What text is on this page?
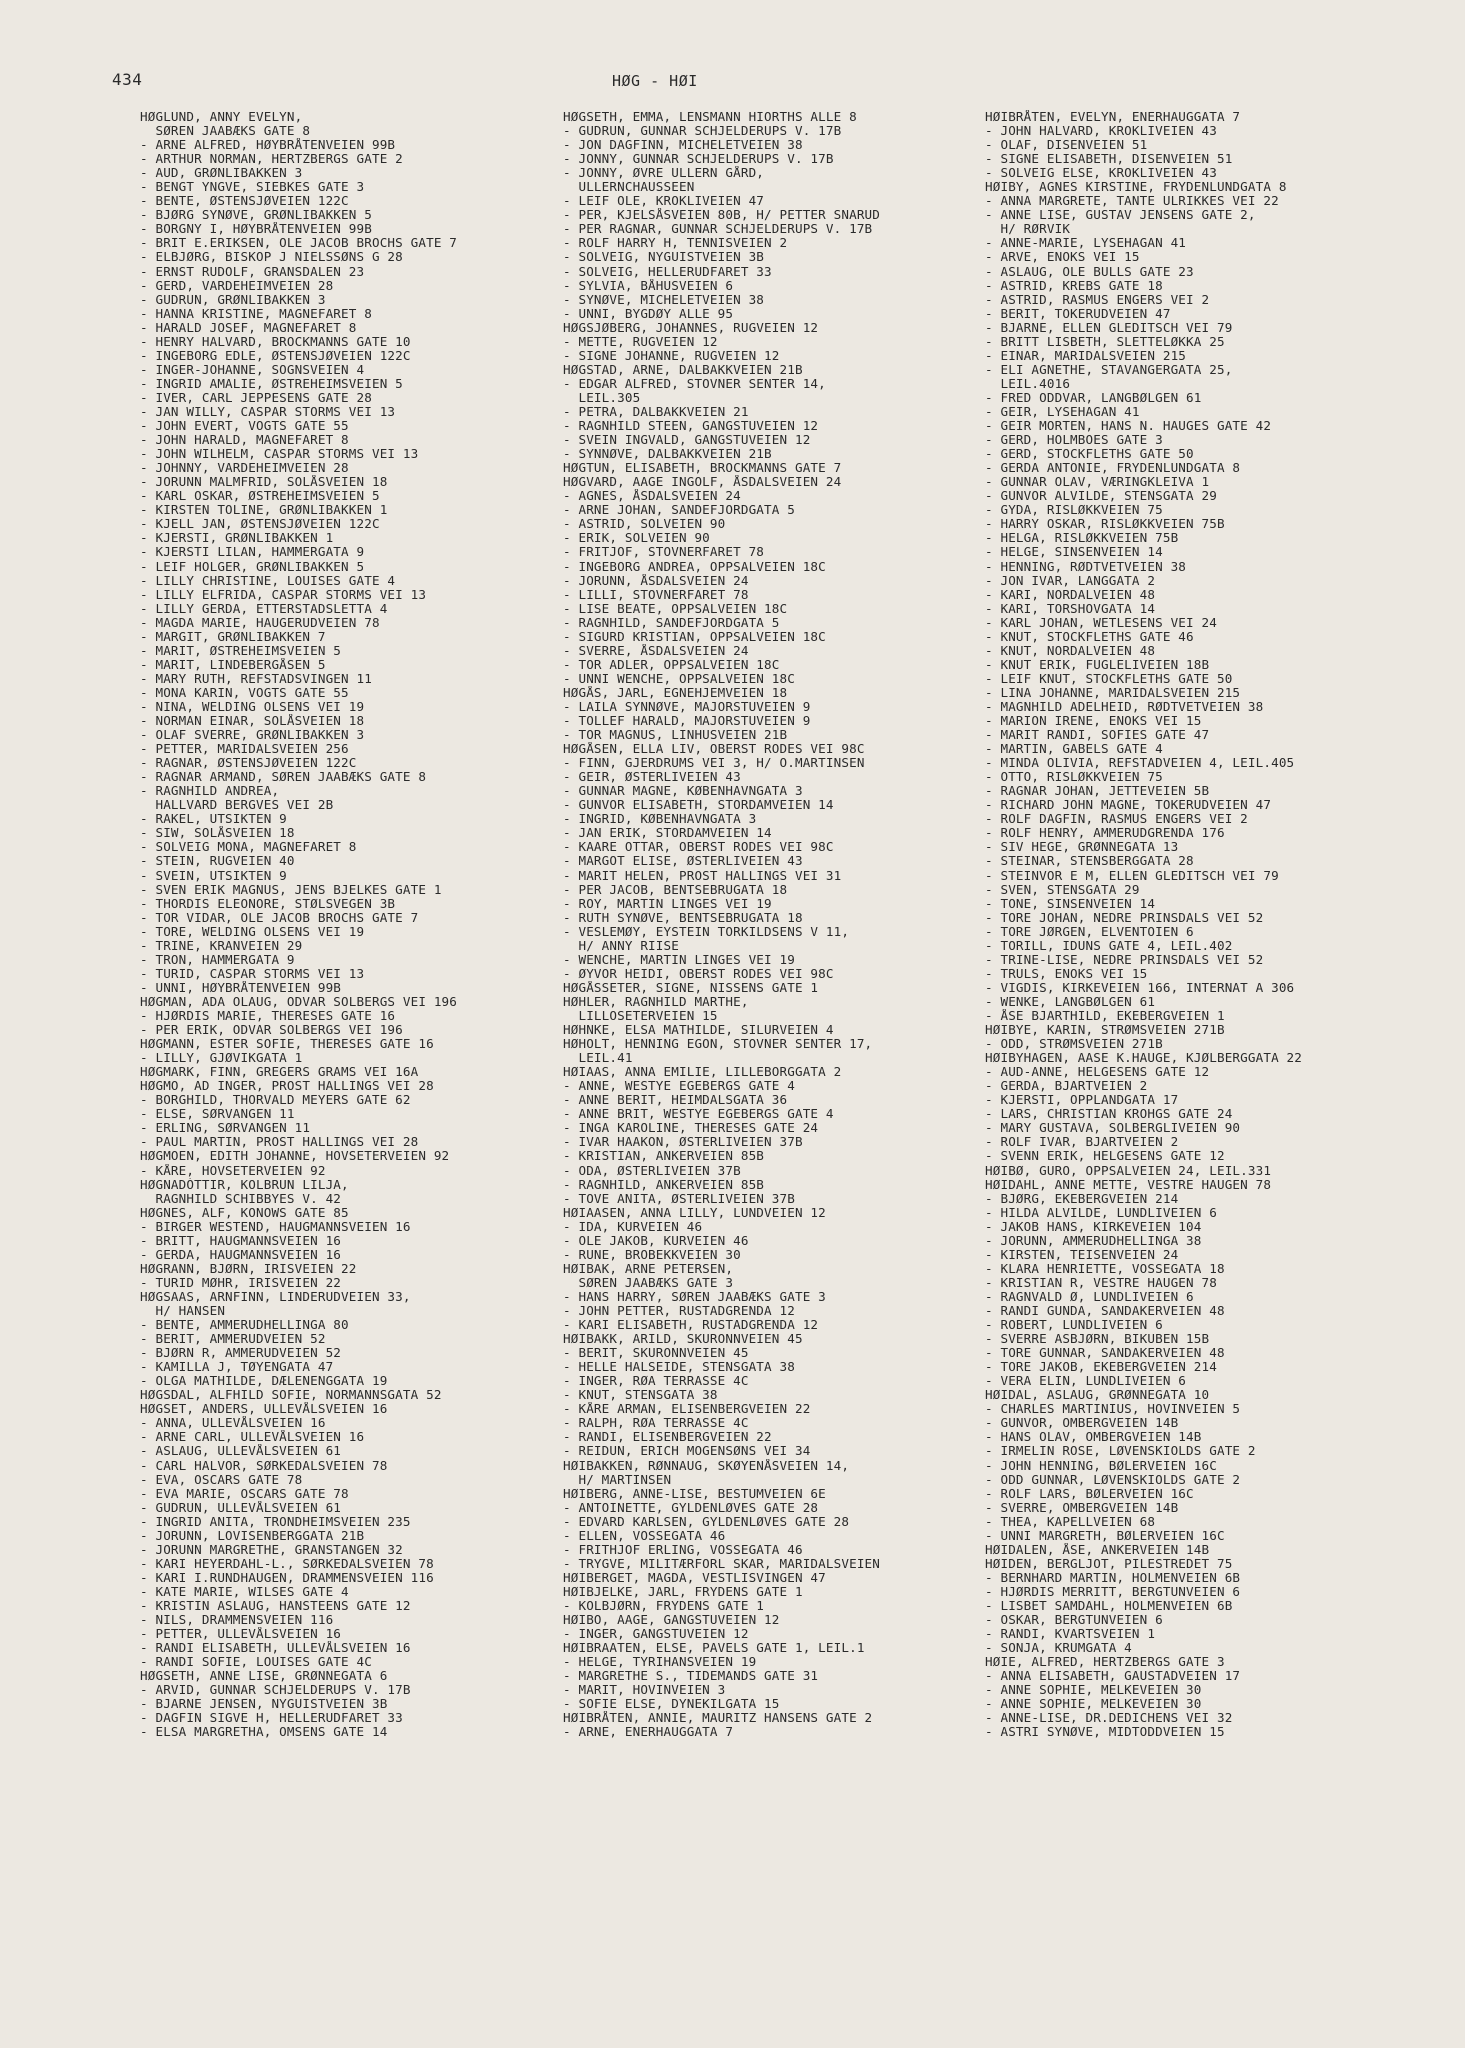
434	HØG - HØI
HØGLUND, ANNY EVELYN,
SØREN JAABÆKS GATE 8
- ARNE ALFRED, HØYBRÅTENVEIEN 99B
- ARTHUR NORMAN, HERTZBERGS GATE 2
- AUD, GRØNLIBAKKEN 3
- BENGT YNGVE, SIEBKES GATE 3
- BENTE, ØSTENSJØVEIEN 122C
- BJØRG SYNØVE, GRØNLIBAKKEN 5
- BORGNY I, HØYBRÅTENVEIEN 99B
- BRIT E.ERIKSEN, OLE JACOB BROCHS GATE 7
- ELBJØRG, BISKOP J NIELSSØNS G 28
- ERNST RUDOLF, GRANSDALEN 23
- GERD, VARDEHEIMVEIEN 28
- GUDRUN, GRØNLIBAKKEN 3
- HANNA KRISTINE, MAGNEFARET 8
- HARALD JOSEF, MAGNEFARET 8
- HENRY HALVARD, BROCKMANNS GATE 10
- INGEBORG EDLE, ØSTENSJØVEIEN 122C
- INGER-JOHANNE, SOGNSVEIEN 4
- INGRID AMALIE, ØSTREHEIMSVEIEN 5
- IVER, CARL JEPPESENS GATE 28
- JAN WILLY, CASPAR STORMS VEI 13
- JOHN EVERT, VOGTS GATE 55
- JOHN HARALD, MAGNEFARET 8
- JOHN WILHELM, CASPAR STORMS VEI 13
- JOHNNY, VARDEHEIMVEIEN 28
- JORUNN MALMFRID, SOLÅSVEIEN 18
- KARL OSKAR, ØSTREHEIMSVEIEN 5
- KIRSTEN TOLINE, GRØNLIBAKKEN 1
- KJELL JAN, ØSTENSJØVEIEN 122C
- KJERSTI, GRØNLIBAKKEN 1
- KJERSTI LILAN, HAMMERGATA 9
- LEIF HOLGER, GRØNLIBAKKEN 5
- LILLY CHRISTINE, LOUISES GATE 4
- LILLY ELFRIDA, CASPAR STORMS VEI 13
- LILLY GERDA, ETTERSTADSLETTA 4
- MAGDA MARIE, HAUGERUDVEIEN 78
- MARGIT, GRØNLIBAKKEN 7
- MARIT, ØSTREHEIMSVEIEN 5
- MARIT, LINDEBERGÅSEN 5
- MARY RUTH, REFSTADSVINGEN 11
- MONA KARIN, VOGTS GATE 55
- NINA, WELDING OLSENS VEI 19
- NORMAN EINAR, SOLÅSVEIEN 18
- OLAF SVERRE, GRØNLIBAKKEN 3
- PETTER, MARIDALSVEIEN 256
- RAGNAR, ØSTENSJØVEIEN 122C
- RAGNAR ARMAND, SØREN JAABÆKS GATE 8
- RAGNHILD ANDREA,
HALLVARD BERGVES VEI 2B
- RAKEL, UTSIKTEN 9
- SIW, SOLÅSVEIEN 18
- SOLVEIG MONA, MAGNEFARET 8
- STEIN, RUGVEIEN 40
- SVEIN, UTSIKTEN 9
- SVEN ERIK MAGNUS, JENS BJELKES GATE 1
- THORDIS ELEONORE, STØLSVEGEN 3B
- TOR VIDAR, OLE JACOB BROCHS GATE 7
- TORE, WELDING OLSENS VEI 19
- TRINE, KRANVEIEN 29
- TRON, HAMMERGATA 9
- TURID, CASPAR STORMS VEI 13
- UNNI, HØYBRÅTENVEIEN 99B
HØGMAN, ADA OLAUG, ODVAR SOLBERGS VEI 196
- HJØRDIS MARIE, THERESES GATE 16
- PER ERIK, ODVAR SOLBERGS VEI 196
HØGMANN, ESTER SOFIE, THERESES GATE 16
- LILLY, GJØVIKGATA 1
HØGMARK, FINN, GREGERS GRAMS VEI 16A
HØGMO, AD INGER, PROST HALLINGS VEI 28
- BORGHILD, THORVALD MEYERS GATE 62
- ELSE, SØRVANGEN 11
- ERLING, SØRVANGEN 11
- PAUL MARTIN, PROST HALLINGS VEI 28
HØGMOEN, EDITH JOHANNE, HOVSETERVEIEN 92
- KÅRE, HOVSETERVEIEN 92
HØGNADÓTTIR, KOLBRUN LILJA,
RAGNHILD SCHIBBYES V. 42
HØGNES, ALF, KONOWS GATE 85
- BIRGER WESTEND, HAUGMANNSVEIEN 16
- BRITT, HAUGMANNSVEIEN 16
- GERDA, HAUGMANNSVEIEN 16
HØGRANN, BJØRN, IRISVEIEN 22
- TURID MØHR, IRISVEIEN 22
HØGSAAS, ARNFINN, LINDERUDVEIEN 33,
H/ HANSEN
- BENTE, AMMERUDHELLINGA 80
- BERIT, AMMERUDVEIEN 52
- BJØRN R, AMMERUDVEIEN 52
- KAMILLA J, TØYENGATA 47
- OLGA MATHILDE, DÆLENENGGATA 19
HØGSDAL, ALFHILD SOFIE, NORMANNSGATA 52
HØGSET, ANDERS, ULLEVÅLSVEIEN 16
- ANNA, ULLEVÅLSVEIEN 16
- ARNE CARL, ULLEVÅLSVEIEN 16
- ASLAUG, ULLEVÅLSVEIEN 61
- CARL HALVOR, SØRKEDALSVEIEN 78
- EVA, OSCARS GATE 78
- EVA MARIE, OSCARS GATE 78
- GUDRUN, ULLEVÅLSVEIEN 61
- INGRID ANITA, TRONDHEIMSVEIEN 235
- JORUNN, LOVISENBERGGATA 21B
- JORUNN MARGRETHE, GRANSTANGEN 32
- KARI HEYERDAHL-L., SØRKEDALSVEIEN 78
- KARI I.RUNDHAUGEN, DRAMMENSVEIEN 116
- KATE MARIE, WILSES GATE 4
- KRISTIN ASLAUG, HANSTEENS GATE 12
- NILS, DRAMMENSVEIEN 116
- PETTER, ULLEVÅLSVEIEN 16
- RANDI ELISABETH, ULLEVÅLSVEIEN 16
- RANDI SOFIE, LOUISES GATE 4C
HØGSETH, ANNE LISE, GRØNNEGATA 6
- ARVID, GUNNAR SCHJELDERUPS V. 17B
- BJARNE JENSEN, NYGUISTVEIEN 3B
- DAGFIN SIGVE H, HELLERUDFARET 33
- ELSA MARGRETHA, OMSENS GATE 14
HØGSETH, EMMA, LENSMANN HIORTHS ALLE 8
- GUDRUN, GUNNAR SCHJELDERUPS V. 17B
- JON DAGFINN, MICHELETVEIEN 38
- JONNY, GUNNAR SCHJELDERUPS V. 17B
- JONNY, ØVRE ULLERN GÅRD,
ULLERNCHAUSSEEN
- LEIF OLE, KROKLIVEIEN 47
- PER, KJELSÅSVEIEN 80B, H/ PETTER SNARUD
- PER RAGNAR, GUNNAR SCHJELDERUPS V. 17B
- ROLF HARRY H, TENNISVEIEN 2
- SOLVEIG, NYGUISTVEIEN 3B
- SOLVEIG, HELLERUDFARET 33
- SYLVIA, BÅHUSVEIEN 6
- SYNØVE, MICHELETVEIEN 38
- UNNI, BYGDØY ALLE 95
HØGSJØBERG, JOHANNES, RUGVEIEN 12
- METTE, RUGVEIEN 12
- SIGNE JOHANNE, RUGVEIEN 12
HØGSTAD, ARNE, DALBAKKVEIEN 21B
- EDGAR ALFRED, STOVNER SENTER 14,
LEIL.305
- PETRA, DALBAKKVEIEN 21
- RAGNHILD STEEN, GANGSTUVEIEN 12
- SVEIN INGVALD, GANGSTUVEIEN 12
- SYNNØVE, DALBAKKVEIEN 21B
HØGTUN, ELISABETH, BROCKMANNS GATE 7
HØGVARD, AAGE INGOLF, ÅSDALSVEIEN 24
- AGNES, ÅSDALSVEIEN 24
- ARNE JOHAN, SANDEFJORDGATA 5
- ASTRID, SOLVEIEN 90
- ERIK, SOLVEIEN 90
- FRITJOF, STOVNERFARET 78
- INGEBORG ANDREA, OPPSALVEIEN 18C
- JORUNN, ÅSDALSVEIEN 24
- LILLI, STOVNERFARET 78
- LISE BEATE, OPPSALVEIEN 18C
- RAGNHILD, SANDEFJORDGATA 5
- SIGURD KRISTIAN, OPPSALVEIEN 18C
- SVERRE, ÅSDALSVEIEN 24
- TOR ADLER, OPPSALVEIEN 18C
- UNNI WENCHE, OPPSALVEIEN 18C
HØGÅS, JARL, EGNEHJEMVEIEN 18
- LAILA SYNNØVE, MAJORSTUVEIEN 9
- TOLLEF HARALD, MAJORSTUVEIEN 9
- TOR MAGNUS, LINHUSVEIEN 21B
HØGÅSEN, ELLA LIV, OBERST RODES VEI 98C
- FINN, GJERDRUMS VEI 3, H/ O.MARTINSEN
- GEIR, ØSTERLIVEIEN 43
- GUNNAR MAGNE, KØBENHAVNGATA 3
- GUNVOR ELISABETH, STORDAMVEIEN 14
- INGRID, KØBENHAVNGATA 3
- JAN ERIK, STORDAMVEIEN 14
- KAARE OTTAR, OBERST RODES VEI 98C
- MARGOT ELISE, ØSTERLIVEIEN 43
- MARIT HELEN, PROST HALLINGS VEI 31
- PER JACOB, BENTSEBRUGATA 18
- ROY, MARTIN LINGES VEI 19
- RUTH SYNØVE, BENTSEBRUGATA 18
- VESLEMØY, EYSTEIN TORKILDSENS V 11,
H/ ANNY RIISE
- WENCHE, MARTIN LINGES VEI 19
- ØYVOR HEIDI, OBERST RODES VEI 98C
HØGÅSSETER, SIGNE, NISSENS GATE 1
HØHLER, RAGNHILD MARTHE,
LILLOSETERVEIEN 15
HØHNKE, ELSA MATHILDE, SILURVEIEN 4
HØHOLT, HENNING EGON, STOVNER SENTER 17,
LEIL.41
HØIAAS, ANNA EMILIE, LILLEBORGGATA 2
- ANNE, WESTYE EGEBERGS GATE 4
- ANNE BERIT, HEIMDALSGATA 36
- ANNE BRIT, WESTYE EGEBERGS GATE 4
- INGA KAROLINE, THERESES GATE 24
- IVAR HAAKON, ØSTERLIVEIEN 37B
- KRISTIAN, ANKERVEIEN 85B
- ODA, ØSTERLIVEIEN 37B
- RAGNHILD, ANKERVEIEN 85B
- TOVE ANITA, ØSTERLIVEIEN 37B
HØIAASEN, ANNA LILLY, LUNDVEIEN 12
- IDA, KURVEIEN 46
- OLE JAKOB, KURVEIEN 46
- RUNE, BROBEKKVEIEN 30
HØIBAK, ARNE PETERSEN,
SØREN JAABÆKS GATE 3
- HANS HARRY, SØREN JAABÆKS GATE 3
- JOHN PETTER, RUSTADGRENDA 12
- KARI ELISABETH, RUSTADGRENDA 12
HØIBAKK, ARILD, SKURONNVEIEN 45
- BERIT, SKURONNVEIEN 45
- HELLE HALSEIDE, STENSGATA 38
- INGER, RØA TERRASSE 4C
- KNUT, STENSGATA 38
- KÅRE ARMAN, ELISENBERGVEIEN 22
- RALPH, RØA TERRASSE 4C
- RANDI, ELISENBERGVEIEN 22
- REIDUN, ERICH MOGENSØNS VEI 34
HØIBAKKEN, RØNNAUG, SKØYENÅSVEIEN 14,
H/ MARTINSEN
HØIBERG, ANNE-LISE, BESTUMVEIEN 6E
- ANTOINETTE, GYLDENLØVES GATE 28
- EDVARD KARLSEN, GYLDENLØVES GATE 28
- ELLEN, VOSSEGATA 46
- FRITHJOF ERLING, VOSSEGATA 46
- TRYGVE, MILITÆRFORL SKAR, MARIDALSVEIEN
HØIBERGET, MAGDA, VESTLISVINGEN 47
HØIBJELKE, JARL, FRYDENS GATE 1
- KOLBJØRN, FRYDENS GATE 1
HØIBO, AAGE, GANGSTUVEIEN 12
- INGER, GANGSTUVEIEN 12
HØIBRAATEN, ELSE, PAVELS GATE 1, LEIL.1
- HELGE, TYRIHANSVEIEN 19
- MARGRETHE S., TIDEMANDS GATE 31
- MARIT, HOVINVEIEN 3
- SOFIE ELSE, DYNEKILGATA 15
HØIBRÅTEN, ANNIE, MAURITZ HANSENS GATE 2
- ARNE, ENERHAUGGATA 7
HØIBRÅTEN, EVELYN, ENERHAUGGATA 7
- JOHN HALVARD, KROKLIVEIEN 43
- OLAF, DISENVEIEN 51
- SIGNE ELISABETH, DISENVEIEN 51
- SOLVEIG ELSE, KROKLIVEIEN 43
HØIBY, AGNES KIRSTINE, FRYDENLUNDGATA 8
- ANNA MARGRETE, TANTE ULRIKKES VEI 22
- ANNE LISE, GUSTAV JENSENS GATE 2,
H/ RØRVIK
- ANNE-MARIE, LYSEHAGAN 41
- ARVE, ENOKS VEI 15
- ASLAUG, OLE BULLS GATE 23
- ASTRID, KREBS GATE 18
- ASTRID, RASMUS ENGERS VEI 2
- BERIT, TOKERUDVEIEN 47
- BJARNE, ELLEN GLEDITSCH VEI 79
- BRITT LISBETH, SLETTELØKKA 25
- EINAR, MARIDALSVEIEN 215
- ELI AGNETHE, STAVANGERGATA 25,
LEIL.4016
- FRED ODDVAR, LANGBØLGEN 61
- GEIR, LYSEHAGAN 41
- GEIR MORTEN, HANS N. HAUGES GATE 42
- GERD, HOLMBOES GATE 3
- GERD, STOCKFLETHS GATE 50
- GERDA ANTONIE, FRYDENLUNDGATA 8
- GUNNAR OLAV, VÆRINGKLEIVA 1
- GUNVOR ALVILDE, STENSGATA 29
- GYDA, RISLØKKVEIEN 75
- HARRY OSKAR, RISLØKKVEIEN 75B
- HELGA, RISLØKKVEIEN 75B
- HELGE, SINSENVEIEN 14
- HENNING, RØDTVETVEIEN 38
- JON IVAR, LANGGATA 2
- KARI, NORDALVEIEN 48
- KARI, TORSHOVGATA 14
- KARL JOHAN, WETLESENS VEI 24
- KNUT, STOCKFLETHS GATE 46
- KNUT, NORDALVEIEN 48
- KNUT ERIK, FUGLELIVEIEN 18B
- LEIF KNUT, STOCKFLETHS GATE 50
- LINA JOHANNE, MARIDALSVEIEN 215
- MAGNHILD ADELHEID, RØDTVETVEIEN 38
- MARION IRENE, ENOKS VEI 15
- MARIT RANDI, SOFIES GATE 47
- MARTIN, GABELS GATE 4
- MINDA OLIVIA, REFSTADVEIEN 4, LEIL.405
- OTTO, RISLØKKVEIEN 75
- RAGNAR JOHAN, JETTEVEIEN 5B
- RICHARD JOHN MAGNE, TOKERUDVEIEN 47
- ROLF DAGFIN, RASMUS ENGERS VEI 2
- ROLF HENRY, AMMERUDGRENDA 176
- SIV HEGE, GRØNNEGATA 13
- STEINAR, STENSBERGGATA 28
- STEINVOR E M, ELLEN GLEDITSCH VEI 79
- SVEN, STENSGATA 29
- TONE, SINSENVEIEN 14
- TORE JOHAN, NEDRE PRINSDALS VEI 52
- TORE JØRGEN, ELVENTOIEN 6
- TORILL, IDUNS GATE 4, LEIL.402
- TRINE-LISE, NEDRE PRINSDALS VEI 52
- TRULS, ENOKS VEI 15
- VIGDIS, KIRKEVEIEN 166, INTERNAT A 306
- WENKE, LANGBØLGEN 61
- ÅSE BJARTHILD, EKEBERGVEIEN 1
HØIBYE, KARIN, STRØMSVEIEN 271B
- ODD, STRØMSVEIEN 271B
HØIBYHAGEN, AASE K.HAUGE, KJØLBERGGATA 22
- AUD-ANNE, HELGESENS GATE 12
- GERDA, BJARTVEIEN 2
- KJERSTI, OPPLANDGATA 17
- LARS, CHRISTIAN KROHGS GATE 24
- MARY GUSTAVA, SOLBERGLIVEIEN 90
- ROLF IVAR, BJARTVEIEN 2
- SVENN ERIK, HELGESENS GATE 12
HØIBØ, GURO, OPPSALVEIEN 24, LEIL.331
HØIDAHL, ANNE METTE, VESTRE HAUGEN 78
- BJØRG, EKEBERGVEIEN 214
- HILDA ALVILDE, LUNDLIVEIEN 6
- JAKOB HANS, KIRKEVEIEN 104
- JORUNN, AMMERUDHELLINGA 38
- KIRSTEN, TEISENVEIEN 24
- KLARA HENRIETTE, VOSSEGATA 18
- KRISTIAN R, VESTRE HAUGEN 78
- RAGNVALD Ø, LUNDLIVEIEN 6
- RANDI GUNDA, SANDAKERVEIEN 48
- ROBERT, LUNDLIVEIEN 6
- SVERRE ASBJØRN, BIKUBEN 15B
- TORE GUNNAR, SANDAKERVEIEN 48
- TORE JAKOB, EKEBERGVEIEN 214
- VERA ELIN, LUNDLIVEIEN 6
HØIDAL, ASLAUG, GRØNNEGATA 10
- CHARLES MARTINIUS, HOVINVEIEN 5
- GUNVOR, OMBERGVEIEN 14B
- HANS OLAV, OMBERGVEIEN 14B
- IRMELIN ROSE, LØVENSKIOLDS GATE 2
- JOHN HENNING, BØLERVEIEN 16C
- ODD GUNNAR, LØVENSKIOLDS GATE 2
- ROLF LARS, BØLERVEIEN 16C
- SVERRE, OMBERGVEIEN 14B
- THEA, KAPELLVEIEN 68
- UNNI MARGRETH, BØLERVEIEN 16C
HØIDALEN, ÅSE, ANKERVEIEN 14B
HØIDEN, BERGLJOT, PILESTREDET 75
- BERNHARD MARTIN, HOLMENVEIEN 6B
- HJØRDIS MERRITT, BERGTUNVEIEN 6
- LISBET SAMDAHL, HOLMENVEIEN 6B
- OSKAR, BERGTUNVEIEN 6
- RANDI, KVARTSVEIEN 1
- SONJA, KRUMGATA 4
HØIE, ALFRED, HERTZBERGS GATE 3
- ANNA ELISABETH, GAUSTADVEIEN 17
- ANNE SOPHIE, MELKEVEIEN 30
- ANNE SOPHIE, MELKEVEIEN 30
- ANNE-LISE, DR.DEDICHENS VEI 32
- ASTRI SYNØVE, MIDTODDVEIEN 15
